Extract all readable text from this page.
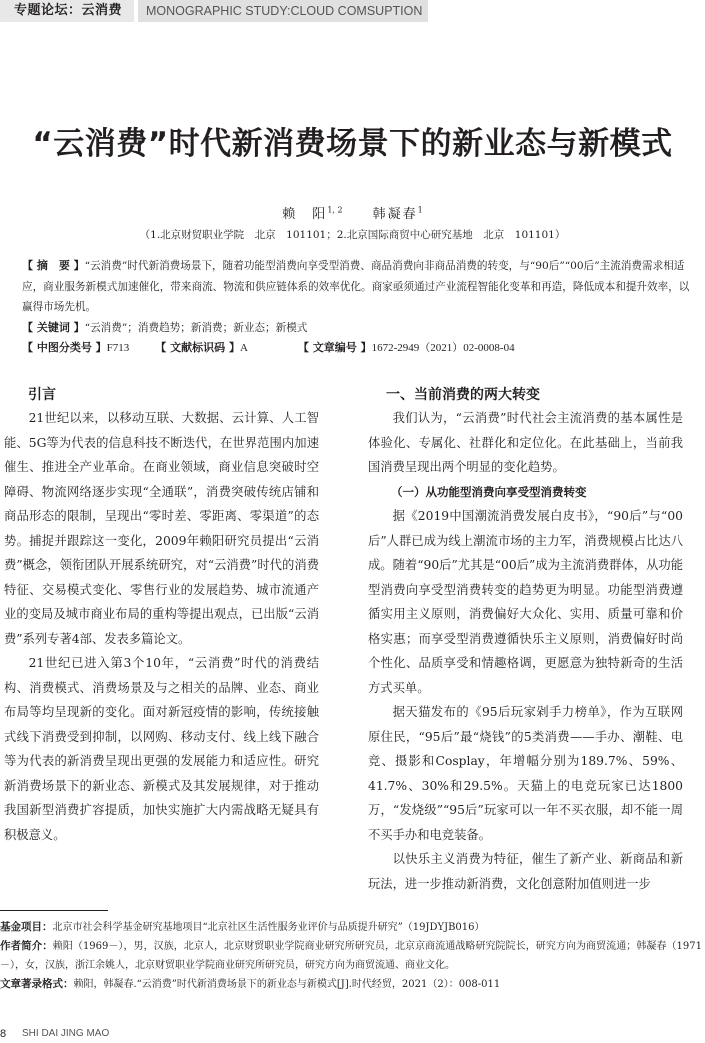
专题论坛：云消费	MONOGRAPHIC STUDY:CLOUD COMSUPTION
“云消费”时代新消费场景下的新业态与新模式
赖　阳$^{1, 2}$　　 韩凝春$^1$
（1.北京财贸职业学院　北京　101101；2.北京国际商贸中心研究基地　北京　101101）

【 摘　要 】“云消费”时代新消费场景下，随着功能型消费向享受型消费、商品消费向非商品消费的转变，与“90后”“00后”主流消费需求相适应，商业服务新模式加速催化，带来商流、物流和供应链体系的效率优化。商家亟须通过产业流程智能化变革和再造，降低成本和提升效率，以赢得市场先机。

【 关键词 】“云消费”；消费趋势；新消费；新业态；新模式

【 中图分类号 】 F713 【 文献标识码 】 A	【 文章编号 】 1672-2949（2021）02-0008-04

引言

21世纪以来，以移动互联、大数据、云计算、人工智能、5G等为代表的信息科技不断迭代，在世界范围内加速催生、推进全产业革命。在商业领域，商业信息突破时空障碍、物流网络逐步实现“全通联”，消费突破传统店铺和商品形态的限制，呈现出“零时差、零距离、零渠道”的态势。捕捉并跟踪这一变化，2009年赖阳研究员提出“云消费”概念，领衔团队开展系统研究，对“云消费”时代的消费特征、交易模式变化、零售行业的发展趋势、城市流通产业的变局及城市商业布局的重构等提出观点，已出版“云消费”系列专著4部、发表多篇论文。

21世纪已进入第3个10年，“云消费”时代的消费结构、消费模式、消费场景及与之相关的品牌、业态、商业布局等均呈现新的变化。面对新冠疫情的影响，传统接触式线下消费受到抑制，以网购、移动支付、线上线下融合等为代表的新消费呈现出更强的发展能力和适应性。研究新消费场景下的新业态、新模式及其发展规律，对于推动我国新型消费扩容提质，加快实施扩大内需战略无疑具有积极意义。

一、当前消费的两大转变

我们认为，“云消费”时代社会主流消费的基本属性是体验化、专属化、社群化和定位化。在此基础上，当前我国消费呈现出两个明显的变化趋势。

（一）从功能型消费向享受型消费转变

据《2019中国潮流消费发展白皮书》，“90后”与“00后”人群已成为线上潮流市场的主力军，消费规模占比达八成。随着“90后”尤其是“00后”成为主流消费群体，从功能型消费向享受型消费转变的趋势更为明显。功能型消费遵循实用主义原则，消费偏好大众化、实用、质量可靠和价格实惠；而享受型消费遵循快乐主义原则，消费偏好时尚个性化、品质享受和情趣格调，更愿意为独特新奇的生活方式买单。

据天猫发布的《95后玩家剁手力榜单》，作为互联网原住民，“95后”最“烧钱”的5类消费——手办、潮鞋、电竞、摄影和Cosplay，年增幅分别为189.7%、59%、41.7%、30%和29.5%。天猫上的电竞玩家已达1800万，“发烧级”“95后”玩家可以一年不买衣服，却不能一周不买手办和电竞装备。

以快乐主义消费为特征，催生了新产业、新商品和新玩法，进一步推动新消费，文化创意附加值则进一步

基金项目：北京市社会科学基金研究基地项目“北京社区生活性服务业评价与品质提升研究”（19JDYJB016）

作者简介：赖阳（1969－），男，汉族，北京人，北京财贸职业学院商业研究所研究员，北京京商流通战略研究院院长，研究方向为商贸流通；韩凝春（1971－），女，汉族，浙江余姚人，北京财贸职业学院商业研究所研究员，研究方向为商贸流通、商业文化。

文章著录格式：赖阳，韩凝春.“云消费”时代新消费场景下的新业态与新模式[J].时代经贸，2021（2）：008-011

8 SHI DAI JING MAO
